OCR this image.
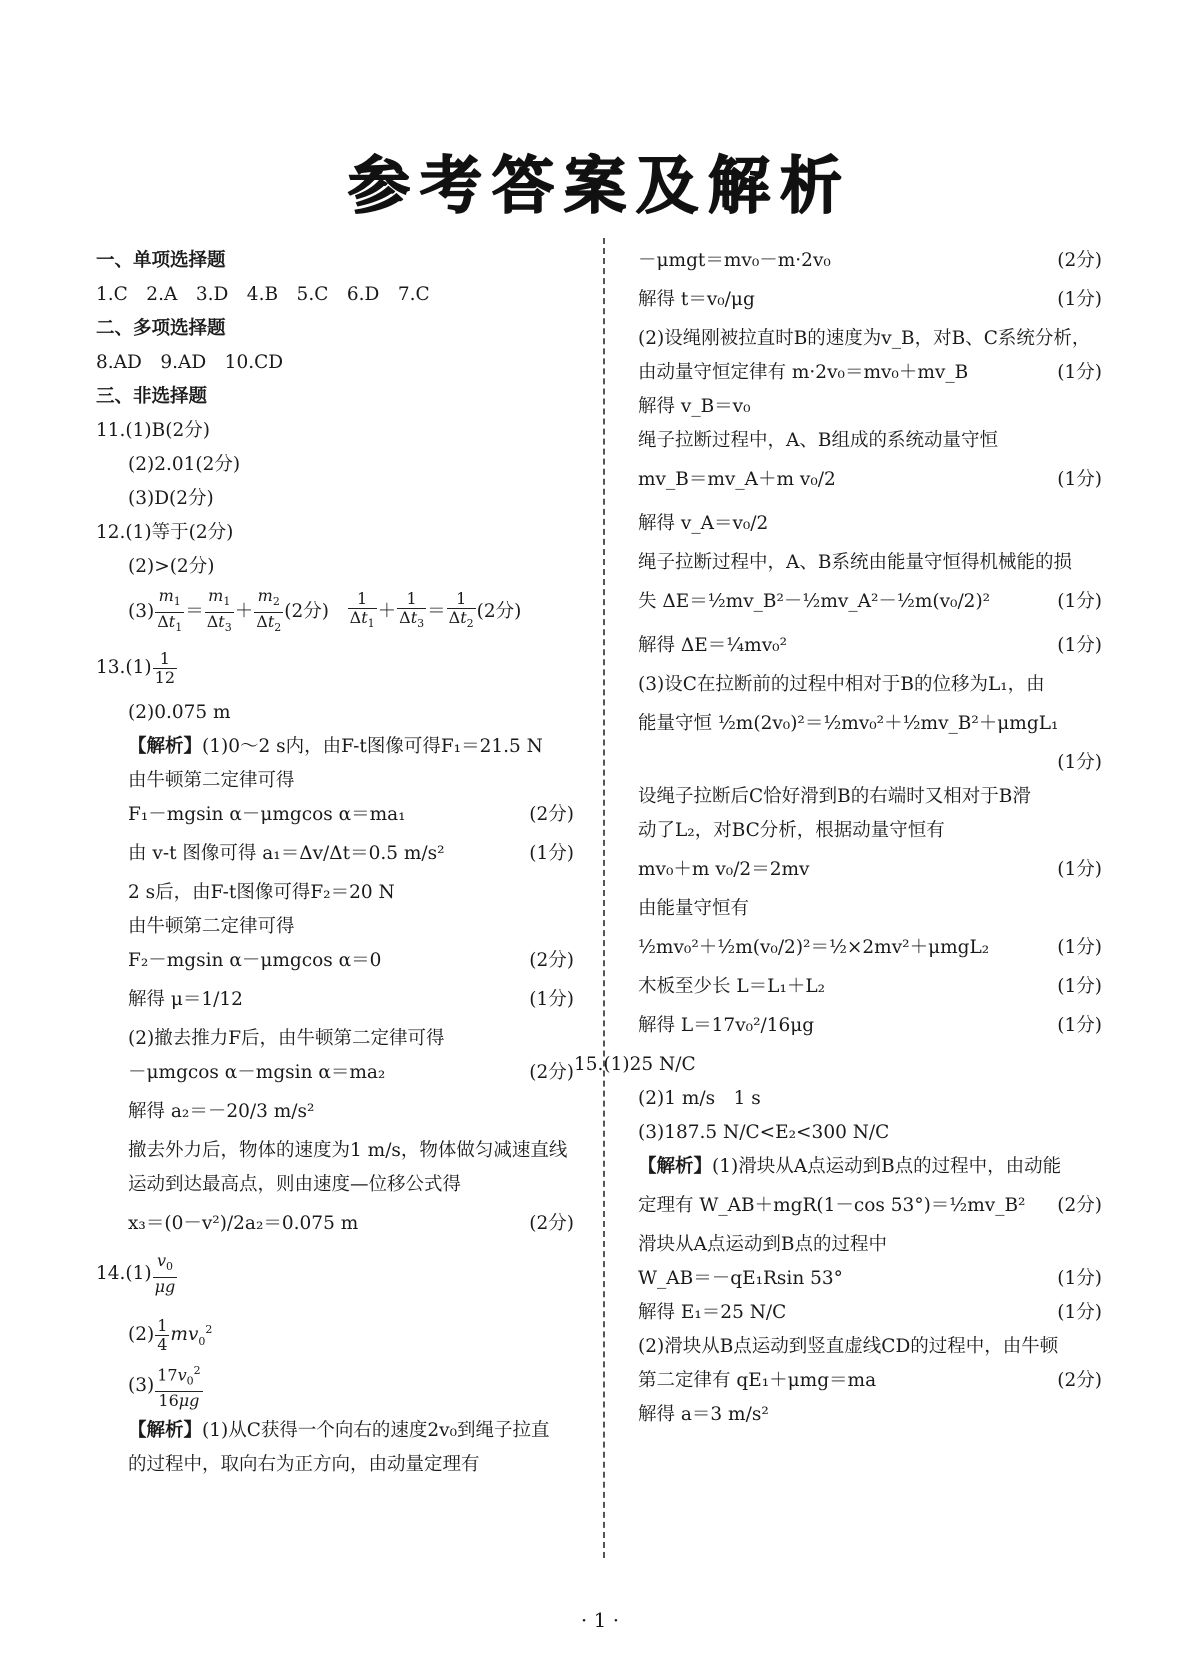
参考答案及解析
一、单项选择题
1.C　2.A　3.D　4.B　5.C　6.D　7.C
二、多项选择题
8.AD　9.AD　10.CD
三、非选择题
11.(1)B(2分)
(2)2.01(2分)
(3)D(2分)
12.(1)等于(2分)
(2)>(2分)
$(3) \frac{m_1}{\Delta t_1} = \frac{m_1}{\Delta t_3} + \frac{m_2}{\Delta t_2} (2$分) $\frac{1}{\Delta t_1} + \frac{1}{\Delta t_3} = \frac{1}{\Delta t_2} (2$分)
$13.(1) \frac{1}{12}$
(2)0.075 m
【解析】(1)0～2 s内，由F-t图像可得F₁＝21.5 N
由牛顿第二定律可得
F₁－mgsin α－μmgcos α＝ma₁	(2分)
由 v-t 图像可得 a₁＝Δv/Δt＝0.5 m/s²	(1分)
2 s后，由F-t图像可得F₂＝20 N
由牛顿第二定律可得
F₂－mgsin α－μmgcos α＝0	(2分)
解得 μ＝1/12	(1分)
(2)撤去推力F后，由牛顿第二定律可得
－μmgcos α－mgsin α＝ma₂	(2分)
解得 a₂＝－20/3 m/s²
撤去外力后，物体的速度为1 m/s，物体做匀减速直线
运动到达最高点，则由速度—位移公式得
x₃＝(0－v²)/2a₂＝0.075 m	(2分)
$14.(1) \frac{v_0}{\mu g}$
$(2) \frac{1}{4} mv_0^2$
$(3) \frac{17v_0^2}{16\mu g}$
【解析】(1)从C获得一个向右的速度2v₀到绳子拉直
的过程中，取向右为正方向，由动量定理有
－μmgt＝mv₀－m·2v₀	(2分)
解得 t＝v₀/μg	(1分)
(2)设绳刚被拉直时B的速度为v_B，对B、C系统分析，
由动量守恒定律有 m·2v₀＝mv₀＋mv_B	(1分)
解得 v_B＝v₀
绳子拉断过程中，A、B组成的系统动量守恒
mv_B＝mv_A＋m v₀/2	(1分)
解得 v_A＝v₀/2
绳子拉断过程中，A、B系统由能量守恒得机械能的损
失 ΔE＝½mv_B²－½mv_A²－½m(v₀/2)²	(1分)
解得 ΔE＝¼mv₀²	(1分)
(3)设C在拉断前的过程中相对于B的位移为L₁，由
能量守恒 ½m(2v₀)²＝½mv₀²＋½mv_B²＋μmgL₁
(1分)
设绳子拉断后C恰好滑到B的右端时又相对于B滑
动了L₂，对BC分析，根据动量守恒有
mv₀＋m v₀/2＝2mv	(1分)
由能量守恒有
½mv₀²＋½m(v₀/2)²＝½×2mv²＋μmgL₂	(1分)
木板至少长 L＝L₁＋L₂	(1分)
解得 L＝17v₀²/16μg	(1分)
15.(1)25 N/C
(2)1 m/s　1 s
(3)187.5 N/C<E₂<300 N/C
【解析】(1)滑块从A点运动到B点的过程中，由动能
定理有 W_AB＋mgR(1－cos 53°)＝½mv_B² (2分)
滑块从A点运动到B点的过程中
W_AB＝－qE₁Rsin 53°	(1分)
解得 E₁＝25 N/C	(1分)
(2)滑块从B点运动到竖直虚线CD的过程中，由牛顿
第二定律有 qE₁＋μmg＝ma	(2分)
解得 a＝3 m/s²
· 1 ·
